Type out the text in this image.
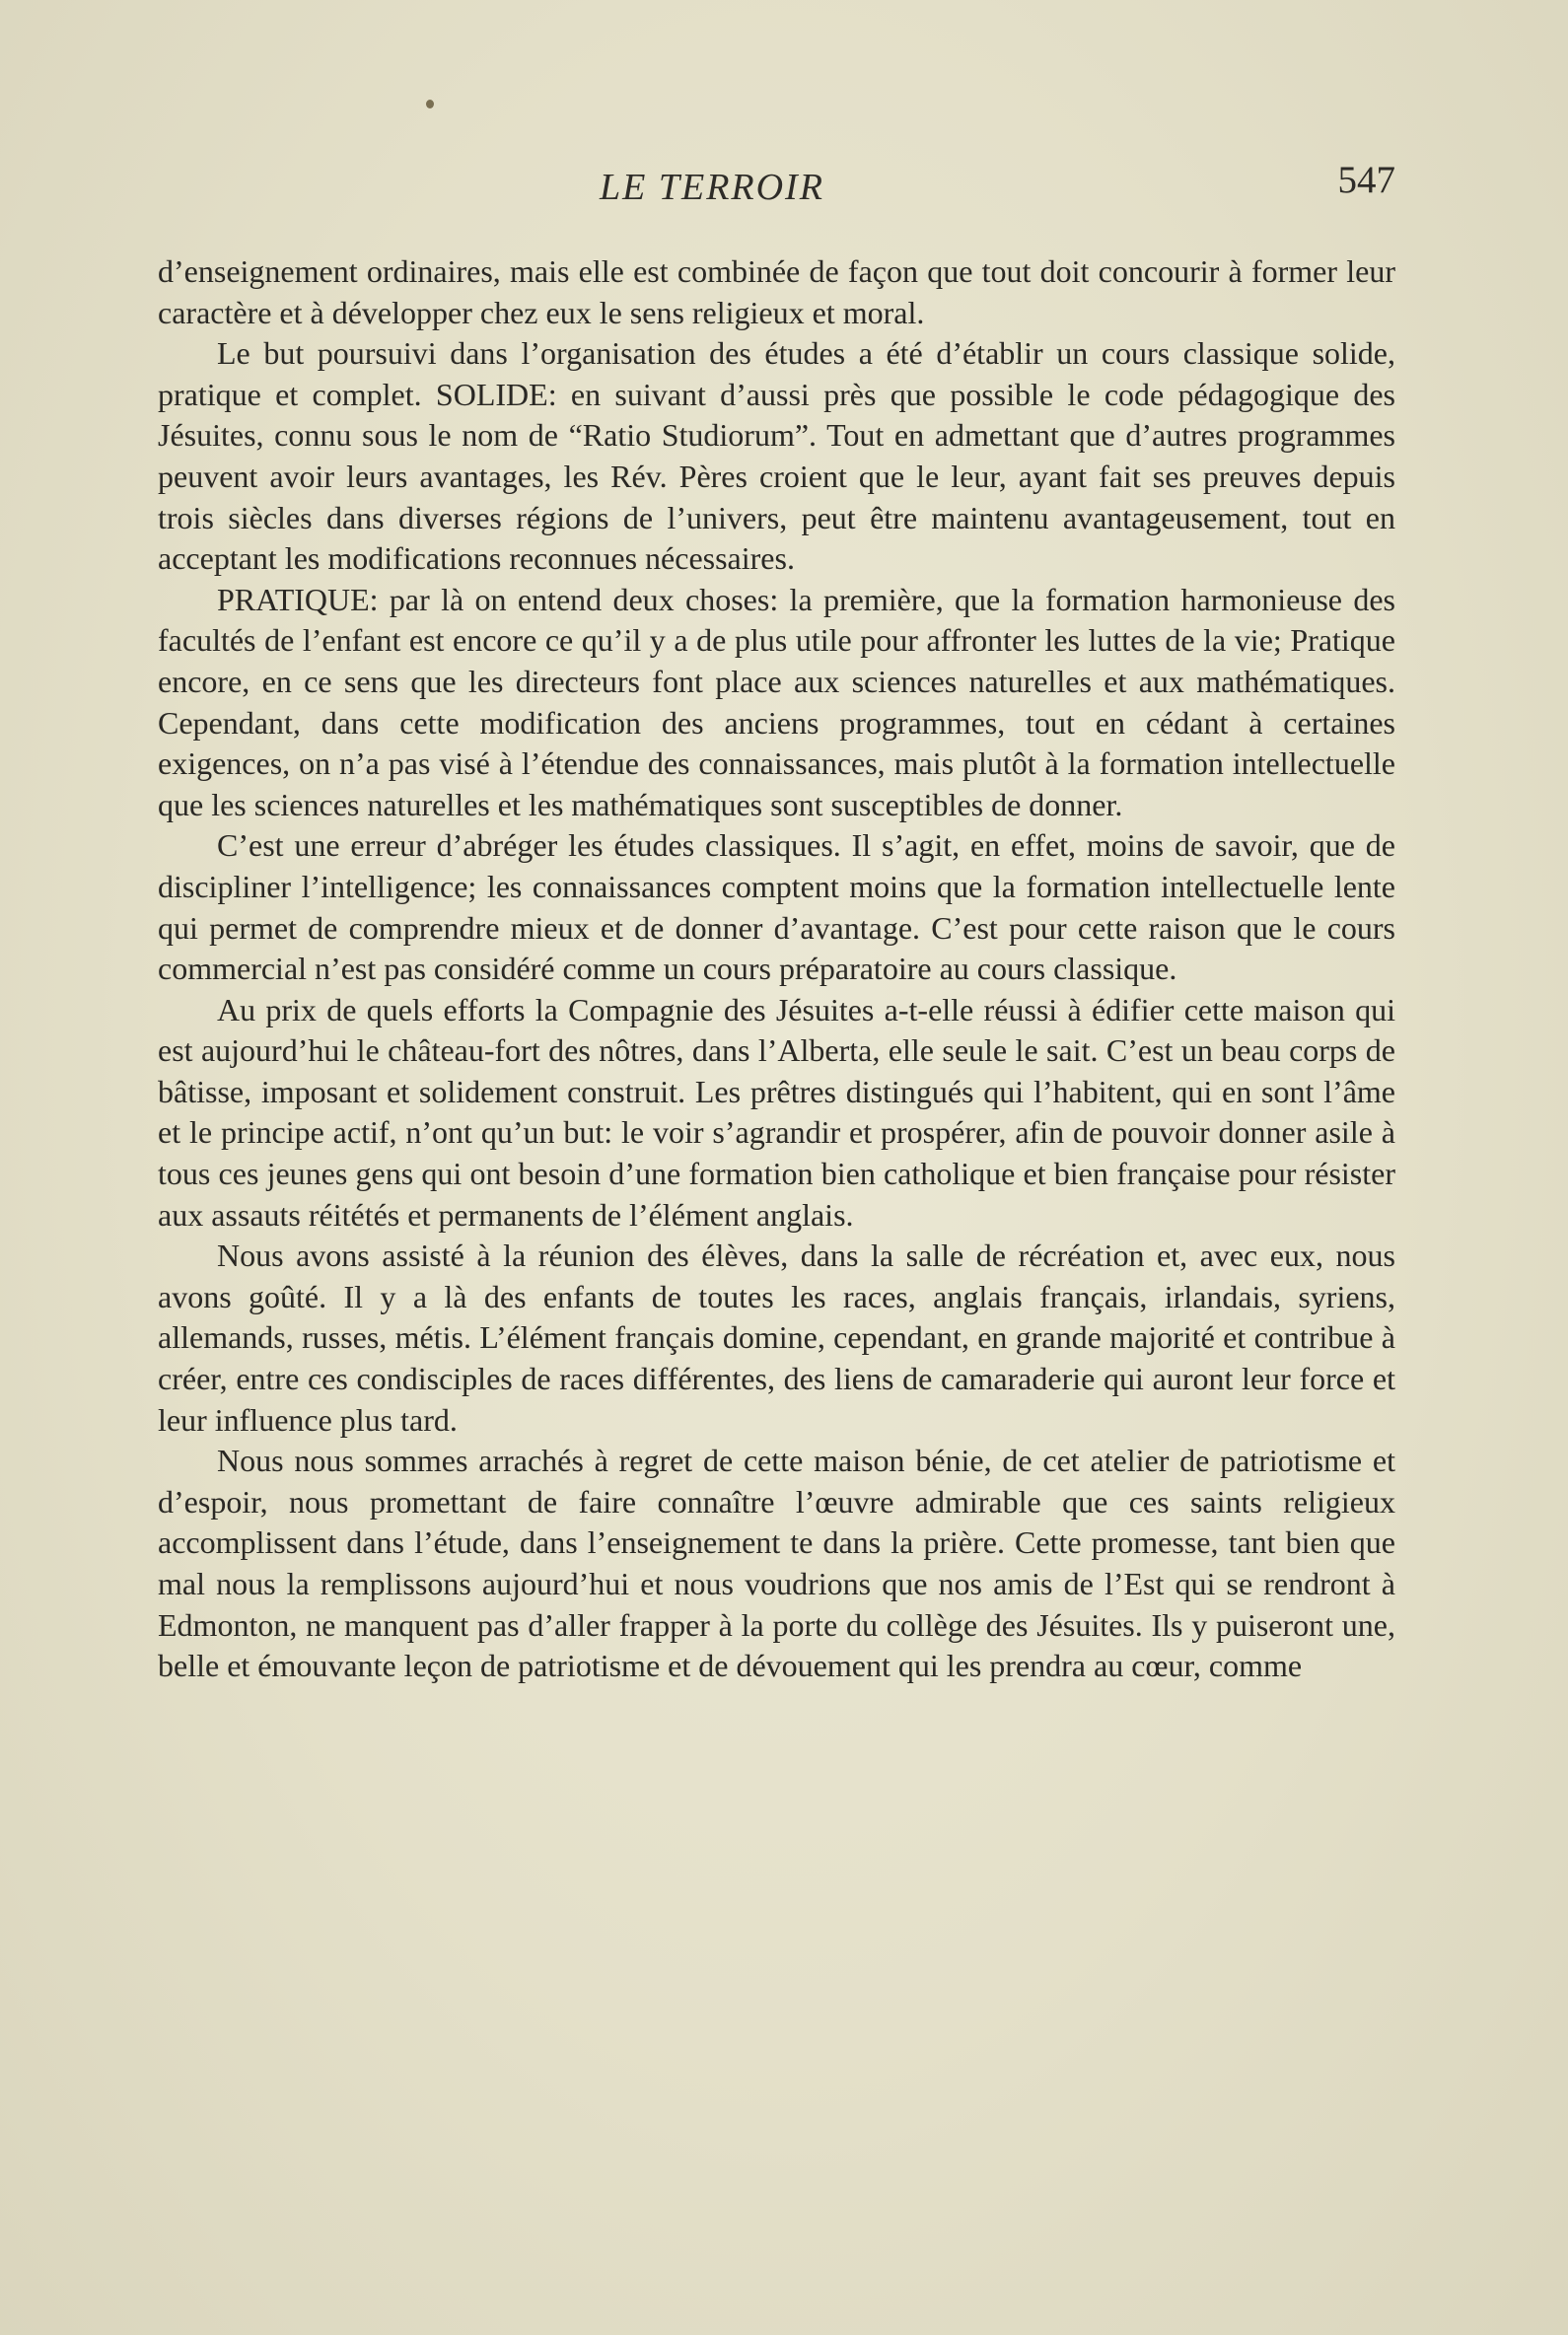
LE TERROIR	547

d’enseignement ordinaires, mais elle est combinée de façon que tout doit concourir à former leur caractère et à développer chez eux le sens religieux et moral.

Le but poursuivi dans l’organisation des études a été d’établir un cours classique solide, pratique et complet. SOLIDE: en suivant d’aussi près que possible le code pédagogique des Jésuites, connu sous le nom de “Ratio Studiorum”. Tout en admettant que d’autres programmes peuvent avoir leurs avantages, les Rév. Pères croient que le leur, ayant fait ses preuves depuis trois siècles dans diverses régions de l’univers, peut être maintenu avantageusement, tout en acceptant les modifications reconnues nécessaires.

PRATIQUE: par là on entend deux choses: la première, que la formation harmonieuse des facultés de l’enfant est encore ce qu’il y a de plus utile pour affronter les luttes de la vie; Pratique encore, en ce sens que les directeurs font place aux sciences naturelles et aux mathématiques. Cependant, dans cette modification des anciens programmes, tout en cédant à certaines exigences, on n’a pas visé à l’étendue des connaissances, mais plutôt à la formation intellectuelle que les sciences naturelles et les mathématiques sont susceptibles de donner.

C’est une erreur d’abréger les études classiques. Il s’agit, en effet, moins de savoir, que de discipliner l’intelligence; les connaissances comptent moins que la formation intellectuelle lente qui permet de comprendre mieux et de donner d’avantage. C’est pour cette raison que le cours commercial n’est pas considéré comme un cours préparatoire au cours classique.

Au prix de quels efforts la Compagnie des Jésuites a-t-elle réussi à édifier cette maison qui est aujourd’hui le château-fort des nôtres, dans l’Alberta, elle seule le sait. C’est un beau corps de bâtisse, imposant et solidement construit. Les prêtres distingués qui l’habitent, qui en sont l’âme et le principe actif, n’ont qu’un but: le voir s’agrandir et prospérer, afin de pouvoir donner asile à tous ces jeunes gens qui ont besoin d’une formation bien catholique et bien française pour résister aux assauts réitétés et permanents de l’élément anglais.

Nous avons assisté à la réunion des élèves, dans la salle de récréation et, avec eux, nous avons goûté. Il y a là des enfants de toutes les races, anglais français, irlandais, syriens, allemands, russes, métis. L’élément français domine, cependant, en grande majorité et contribue à créer, entre ces condisciples de races différentes, des liens de camaraderie qui auront leur force et leur influence plus tard.

Nous nous sommes arrachés à regret de cette maison bénie, de cet atelier de patriotisme et d’espoir, nous promettant de faire connaître l’œuvre admirable que ces saints religieux accomplissent dans l’étude, dans l’enseignement te dans la prière. Cette promesse, tant bien que mal nous la remplissons aujourd’hui et nous voudrions que nos amis de l’Est qui se rendront à Edmonton, ne manquent pas d’aller frapper à la porte du collège des Jésuites. Ils y puiseront une, belle et émouvante leçon de patriotisme et de dévouement qui les prendra au cœur, comme
